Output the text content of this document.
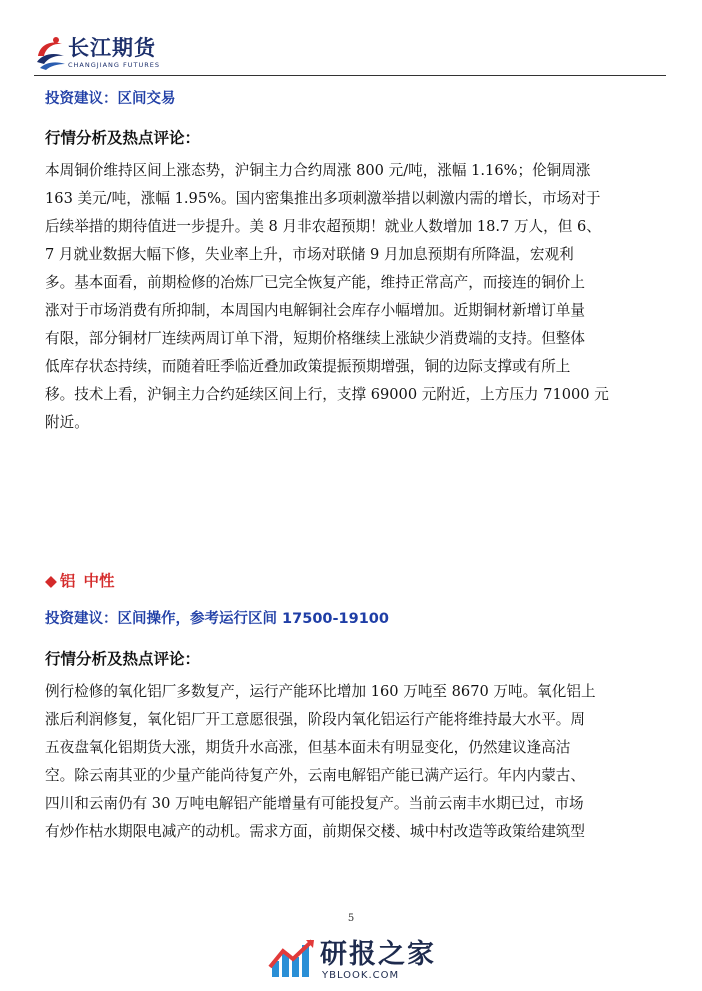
长江期货
CHANGJIANG FUTURES
投资建议：区间交易
行情分析及热点评论：
本周铜价维持区间上涨态势，沪铜主力合约周涨 800 元/吨，涨幅 1.16%；伦铜周涨
163 美元/吨，涨幅 1.95%。国内密集推出多项刺激举措以刺激内需的增长，市场对于
后续举措的期待值进一步提升。美 8 月非农超预期！就业人数增加 18.7 万人，但 6、
7 月就业数据大幅下修，失业率上升，市场对联储 9 月加息预期有所降温，宏观利
多。基本面看，前期检修的冶炼厂已完全恢复产能，维持正常高产，而接连的铜价上
涨对于市场消费有所抑制，本周国内电解铜社会库存小幅增加。近期铜材新增订单量
有限，部分铜材厂连续两周订单下滑，短期价格继续上涨缺少消费端的支持。但整体
低库存状态持续，而随着旺季临近叠加政策提振预期增强，铜的边际支撑或有所上
移。技术上看，沪铜主力合约延续区间上行，支撑 69000 元附近，上方压力 71000 元
附近。
◆ 铝 中性
投资建议：区间操作，参考运行区间 17500-19100
行情分析及热点评论：
例行检修的氧化铝厂多数复产，运行产能环比增加 160 万吨至 8670 万吨。氧化铝上
涨后利润修复，氧化铝厂开工意愿很强，阶段内氧化铝运行产能将维持最大水平。周
五夜盘氧化铝期货大涨，期货升水高涨，但基本面未有明显变化，仍然建议逢高沽
空。除云南其亚的少量产能尚待复产外，云南电解铝产能已满产运行。年内内蒙古、
四川和云南仍有 30 万吨电解铝产能增量有可能投复产。当前云南丰水期已过，市场
有炒作枯水期限电减产的动机。需求方面，前期保交楼、城中村改造等政策给建筑型
5
研报之家
YBLOOK.COM
